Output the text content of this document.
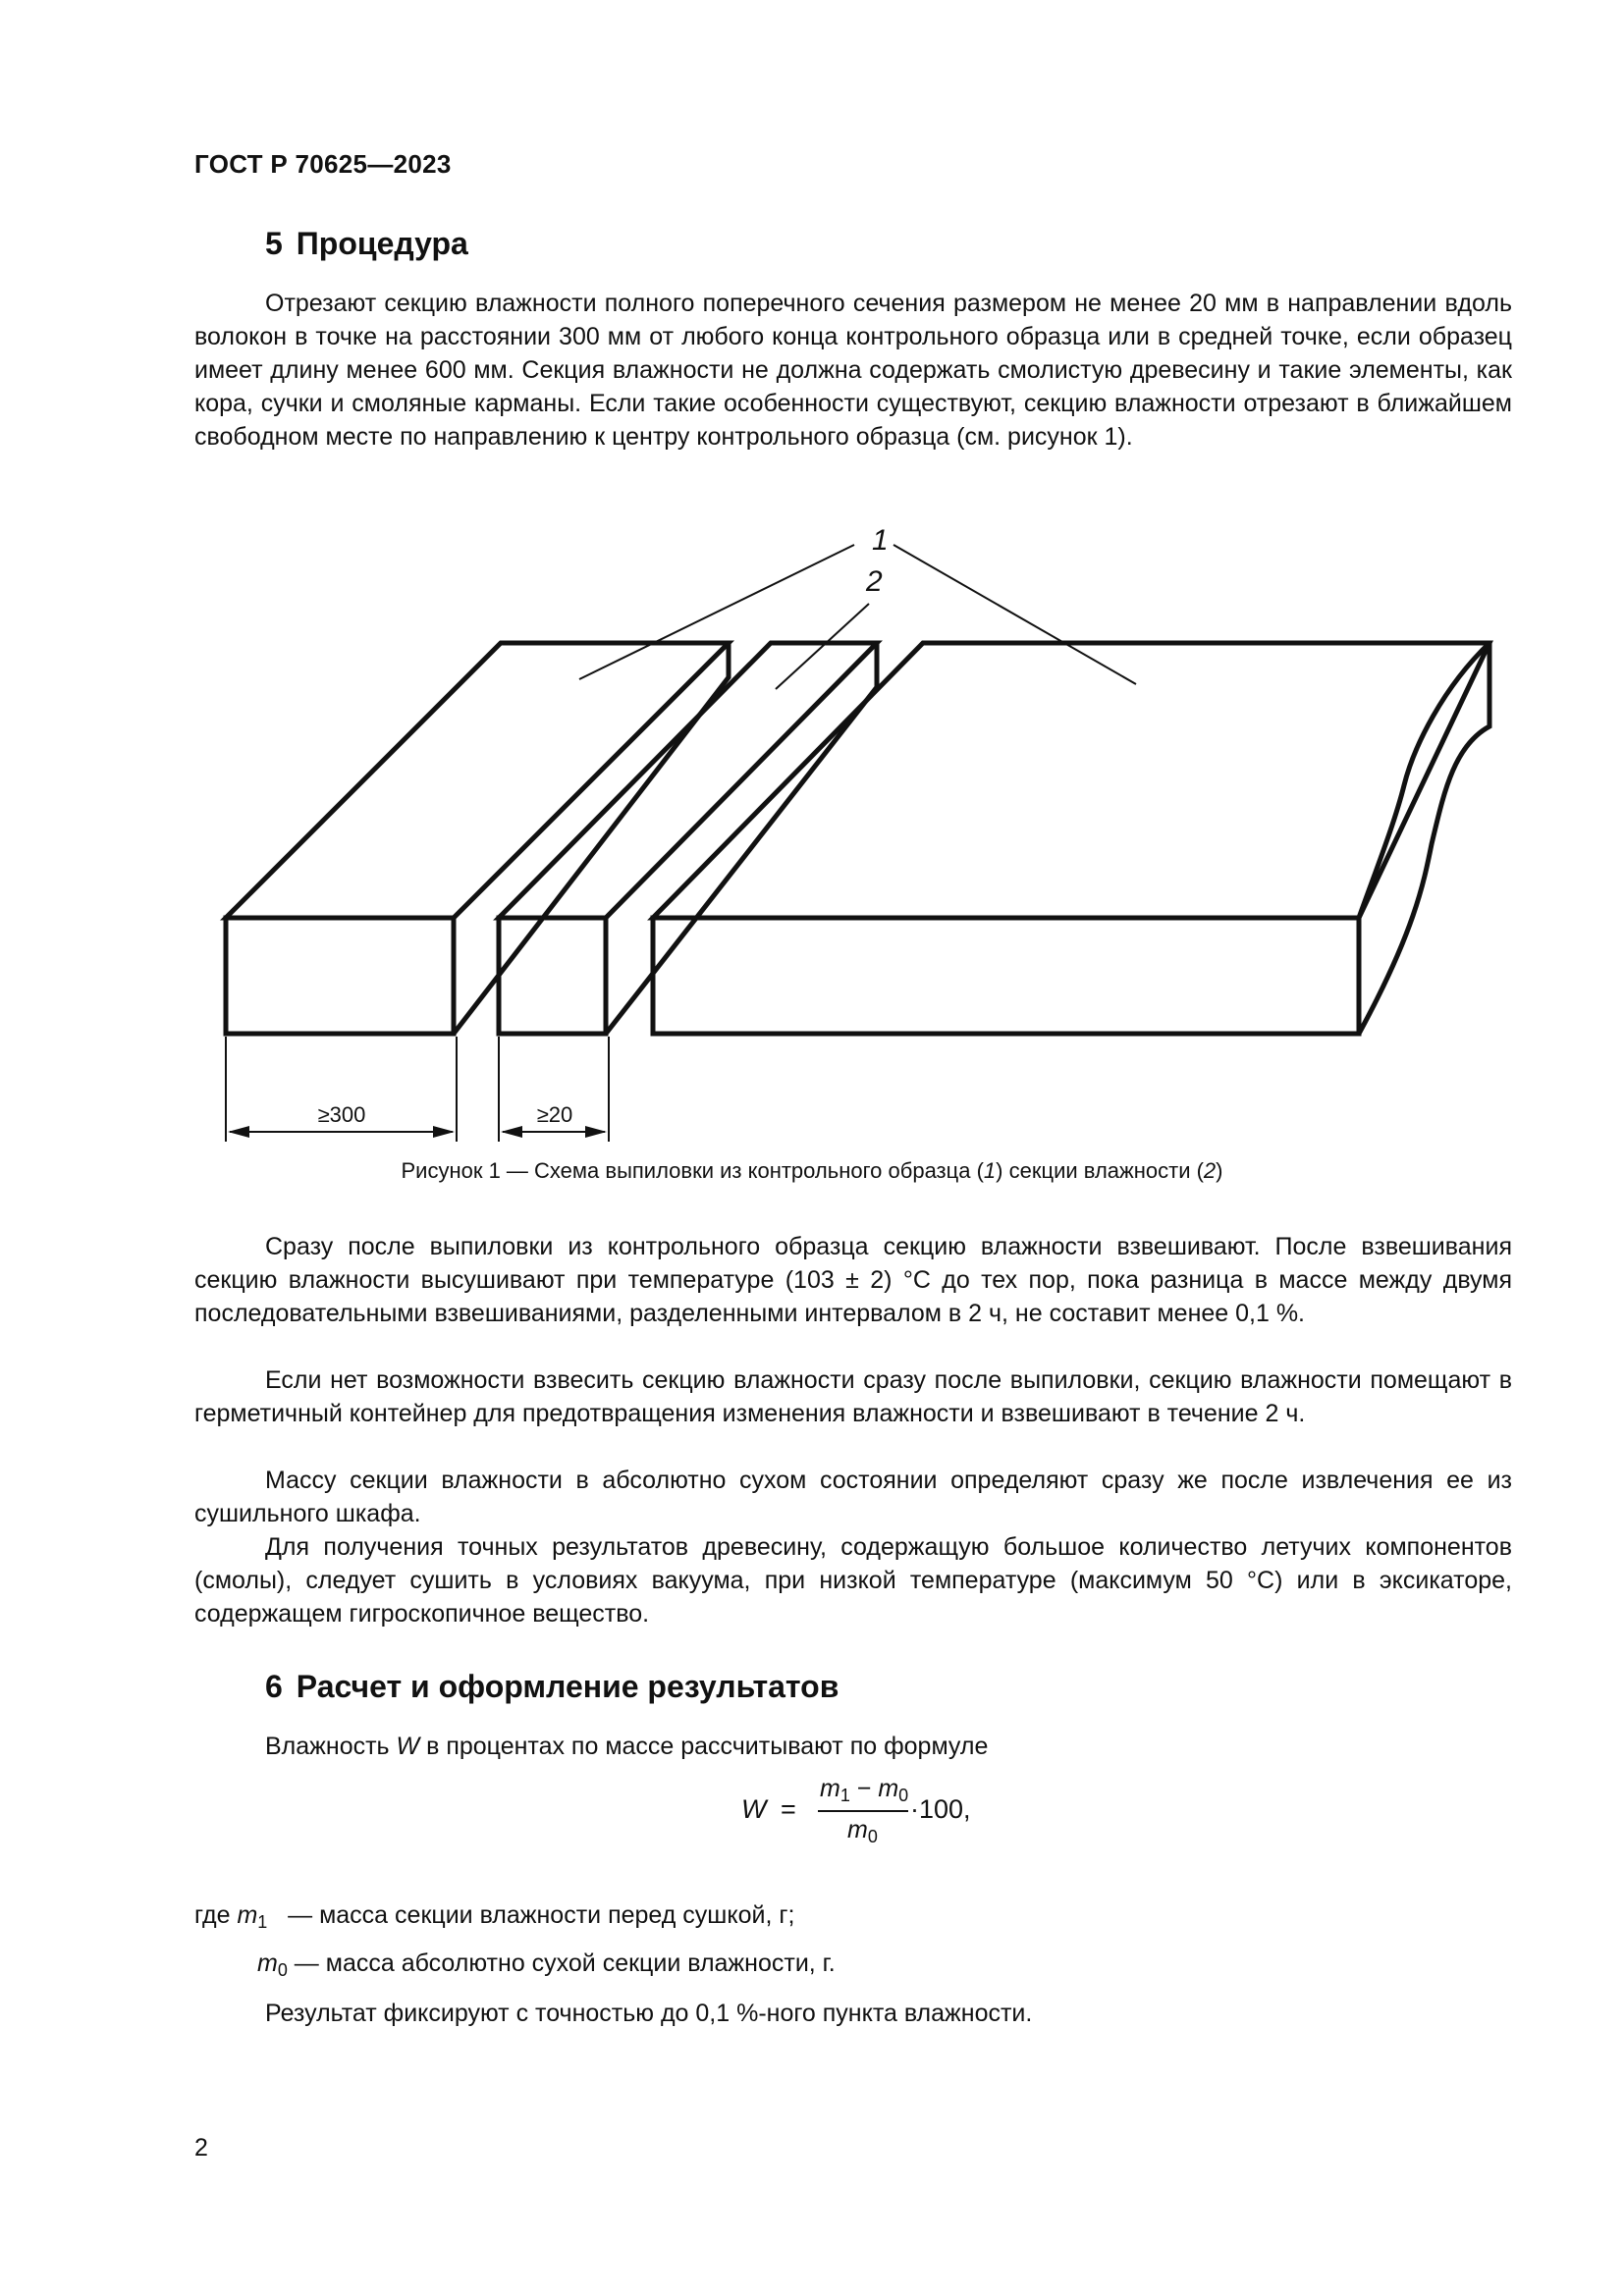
ГОСТ Р 70625—2023
5 Процедура

Отрезают секцию влажности полного поперечного сечения размером не менее 20 мм в направлении вдоль волокон в точке на расстоянии 300 мм от любого конца контрольного образца или в средней точке, если образец имеет длину менее 600 мм. Секция влажности не должна содержать смолистую древесину и такие элементы, как кора, сучки и смоляные карманы. Если такие особенности существуют, секцию влажности отрезают в ближайшем свободном месте по направлению к центру контрольного образца (см. рисунок 1).

1
2
≥300	≥20
Рисунок 1 — Схема выпиловки из контрольного образца (1) секции влажности (2)

Сразу после выпиловки из контрольного образца секцию влажности взвешивают. После взвешивания секцию влажности высушивают при температуре (103 ± 2) °С до тех пор, пока разница в массе между двумя последовательными взвешиваниями, разделенными интервалом в 2 ч, не составит менее 0,1 %.

Если нет возможности взвесить секцию влажности сразу после выпиловки, секцию влажности помещают в герметичный контейнер для предотвращения изменения влажности и взвешивают в течение 2 ч.

Массу секции влажности в абсолютно сухом состоянии определяют сразу же после извлечения ее из сушильного шкафа.

Для получения точных результатов древесину, содержащую большое количество летучих компонентов (смолы), следует сушить в условиях вакуума, при низкой температуре (максимум 50 °С) или в эксикаторе, содержащем гигроскопичное вещество.

6 Расчет и оформление результатов
Влажность W в процентах по массе рассчитывают по формуле
W =
$m_1 - m_0$
$m_0$
·100,
где $m_1$ — масса секции влажности перед сушкой, г;
$m_0$ — масса абсолютно сухой секции влажности, г.
Результат фиксируют с точностью до 0,1 %-ного пункта влажности.
2
